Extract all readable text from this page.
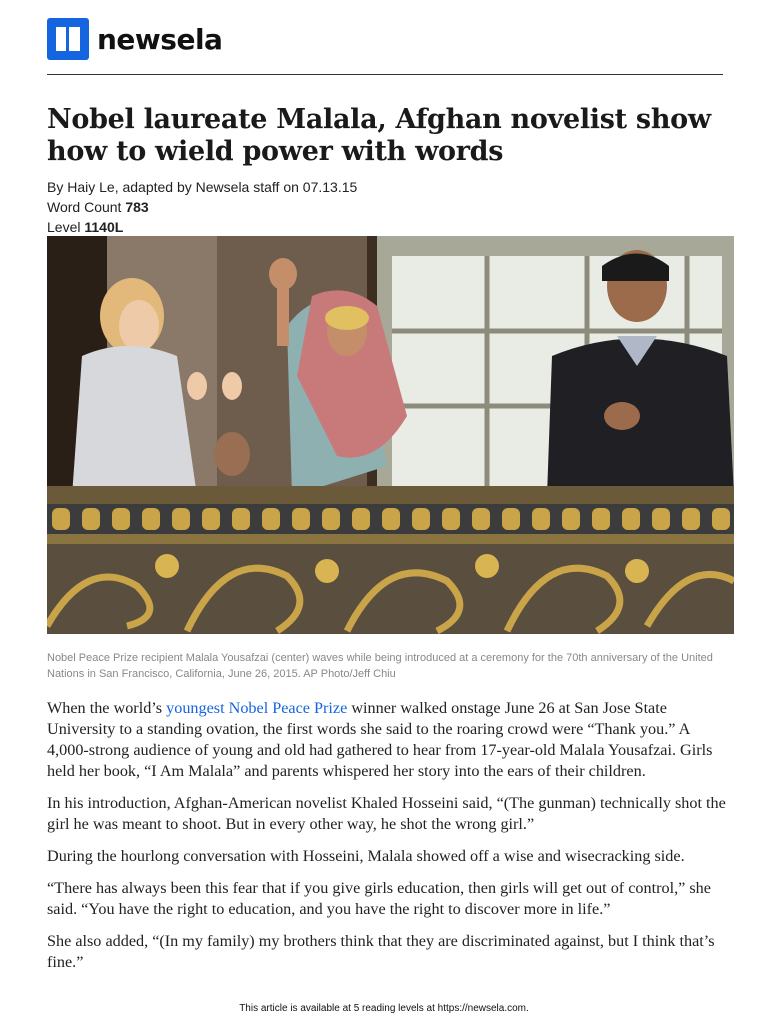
newsela
Nobel laureate Malala, Afghan novelist show how to wield power with words
By Haiy Le, adapted by Newsela staff on 07.13.15
Word Count 783
Level 1140L

Nobel Peace Prize recipient Malala Yousafzai (center) waves while being introduced at a ceremony for the 70th anniversary of the United Nations in San Francisco, California, June 26, 2015. AP Photo/Jeff Chiu

When the world’s youngest Nobel Peace Prize winner walked onstage June 26 at San Jose State University to a standing ovation, the first words she said to the roaring crowd were “Thank you.” A 4,000-strong audience of young and old had gathered to hear from 17-year-old Malala Yousafzai. Girls held her book, “I Am Malala” and parents whispered her story into the ears of their children.

In his introduction, Afghan-American novelist Khaled Hosseini said, “(The gunman) technically shot the girl he was meant to shoot. But in every other way, he shot the wrong girl.”

During the hourlong conversation with Hosseini, Malala showed off a wise and wisecracking side.

“There has always been this fear that if you give girls education, then girls will get out of control,” she said. “You have the right to education, and you have the right to discover more in life.”

She also added, “(In my family) my brothers think that they are discriminated against, but I think that’s fine.”

This article is available at 5 reading levels at https://newsela.com.
